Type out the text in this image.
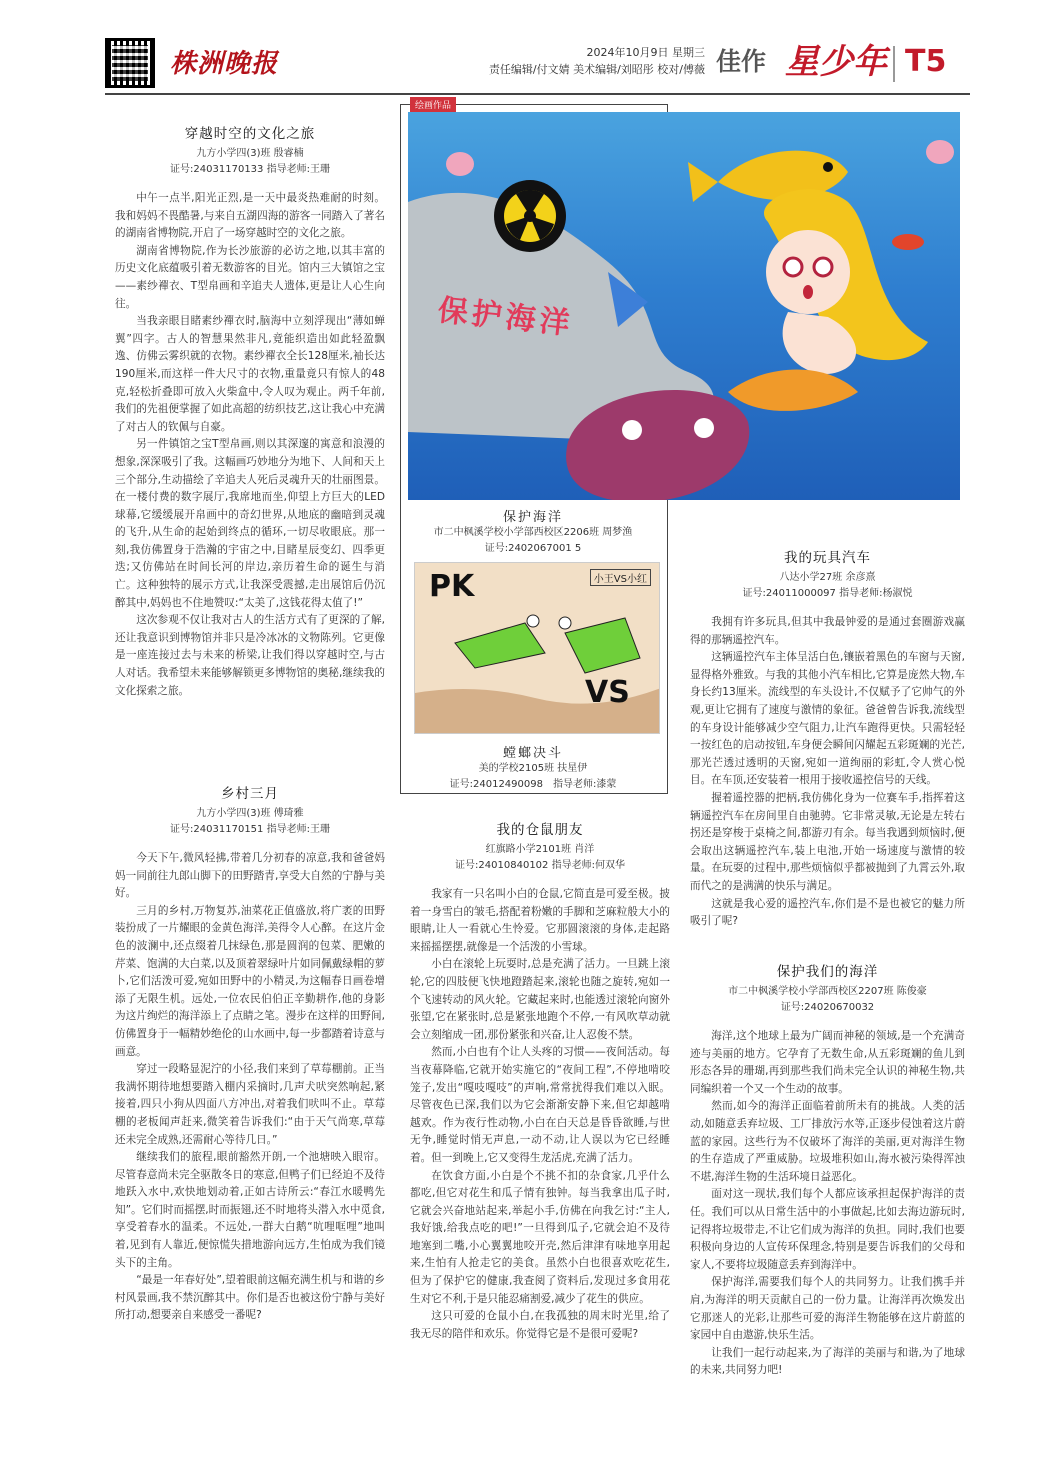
株洲晚报	2024年10月9日 星期三
责任编辑/付文婧 美术编辑/刘昭彤 校对/傅薇 佳作 星少年 T5
穿越时空的文化之旅
九方小学四(3)班 殷睿楠
证号:24031170133 指导老师:王珊

中午一点半,阳光正烈,是一天中最炎热难耐的时刻。我和妈妈不畏酷暑,与来自五湖四海的游客一同踏入了著名的湖南省博物院,开启了一场穿越时空的文化之旅。

湖南省博物院,作为长沙旅游的必访之地,以其丰富的历史文化底蕴吸引着无数游客的目光。馆内三大镇馆之宝——素纱襌衣、T型帛画和辛追夫人遗体,更是让人心生向往。

当我亲眼目睹素纱襌衣时,脑海中立刻浮现出“薄如蝉翼”四字。古人的智慧果然非凡,竟能织造出如此轻盈飘逸、仿佛云雾织就的衣物。素纱襌衣全长128厘米,袖长达190厘米,而这样一件大尺寸的衣物,重量竟只有惊人的48克,轻松折叠即可放入火柴盒中,令人叹为观止。两千年前,我们的先祖便掌握了如此高超的纺织技艺,这让我心中充满了对古人的钦佩与自豪。

另一件镇馆之宝T型帛画,则以其深邃的寓意和浪漫的想象,深深吸引了我。这幅画巧妙地分为地下、人间和天上三个部分,生动描绘了辛追夫人死后灵魂升天的壮丽图景。在一楼付费的数字展厅,我席地而坐,仰望上方巨大的LED球幕,它缓缓展开帛画中的奇幻世界,从地底的幽暗到灵魂的飞升,从生命的起始到终点的循环,一切尽收眼底。那一刻,我仿佛置身于浩瀚的宇宙之中,目睹星辰变幻、四季更迭;又仿佛站在时间长河的岸边,亲历着生命的诞生与消亡。这种独特的展示方式,让我深受震撼,走出展馆后仍沉醉其中,妈妈也不住地赞叹:“太美了,这钱花得太值了!”

这次参观不仅让我对古人的生活方式有了更深的了解,还让我意识到博物馆并非只是冷冰冰的文物陈列。它更像是一座连接过去与未来的桥梁,让我们得以穿越时空,与古人对话。我希望未来能够解锁更多博物馆的奥秘,继续我的文化探索之旅。

乡村三月
九方小学四(3)班 傅琦雅
证号:24031170151 指导老师:王珊

今天下午,微风轻拂,带着几分初春的凉意,我和爸爸妈妈一同前往九郎山脚下的田野踏青,享受大自然的宁静与美好。

三月的乡村,万物复苏,油菜花正值盛放,将广袤的田野装扮成了一片耀眼的金黄色海洋,美得令人心醉。在这片金色的波澜中,还点缀着几抹绿色,那是圆润的包菜、肥嫩的芹菜、饱满的大白菜,以及顶着翠绿叶片如同佩戴绿帽的萝卜,它们活泼可爱,宛如田野中的小精灵,为这幅春日画卷增添了无限生机。远处,一位农民伯伯正辛勤耕作,他的身影为这片绚烂的海洋添上了点睛之笔。漫步在这样的田野间,仿佛置身于一幅精妙绝伦的山水画中,每一步都踏着诗意与画意。

穿过一段略显泥泞的小径,我们来到了草莓棚前。正当我满怀期待地想要踏入棚内采摘时,几声犬吠突然响起,紧接着,四只小狗从四面八方冲出,对着我们吠叫不止。草莓棚的老板闻声赶来,微笑着告诉我们:“由于天气尚寒,草莓还未完全成熟,还需耐心等待几日。”

继续我们的旅程,眼前豁然开朗,一个池塘映入眼帘。尽管春意尚未完全驱散冬日的寒意,但鸭子们已经迫不及待地跃入水中,欢快地划动着,正如古诗所云:“春江水暖鸭先知”。它们时而摇摆,时而振翅,还不时地将头潜入水中觅食,享受着春水的温柔。不远处,一群大白鹅“吭哩哐哩”地叫着,见到有人靠近,便惊慌失措地游向远方,生怕成为我们镜头下的主角。

“最是一年春好处”,望着眼前这幅充满生机与和谐的乡村风景画,我不禁沉醉其中。你们是否也被这份宁静与美好所打动,想要亲自来感受一番呢?

绘画作品
保护海洋
保护海洋
市二中枫溪学校小学部西校区2206班 周梦渔
证号:2402067001 5
PK	小王VS小红
VS
螳螂决斗
美的学校2105班 扶星伊
证号:24012490098　指导老师:漆蒙
我的仓鼠朋友
红旗路小学2101班 肖洋
证号:24010840102 指导老师:何双华

我家有一只名叫小白的仓鼠,它简直是可爱至极。披着一身雪白的皱毛,搭配着粉嫩的手脚和芝麻粒般大小的眼睛,让人一看就心生怜爱。它那圆滚滚的身体,走起路来摇摇摆摆,就像是一个活泼的小雪球。

小白在滚轮上玩耍时,总是充满了活力。一旦跳上滚轮,它的四肢便飞快地蹬踏起来,滚轮也随之旋转,宛如一个飞速转动的风火轮。它藏起来时,也能透过滚轮向窗外张望,它在紧张时,总是紧张地跑个不停,一有风吹草动就会立刻缩成一团,那份紧张和兴奋,让人忍俊不禁。

然而,小白也有个让人头疼的习惯——夜间活动。每当夜幕降临,它就开始实施它的“夜间工程”,不停地啃咬笼子,发出“嘎吱嘎吱”的声响,常常扰得我们难以入眠。尽管夜色已深,我们以为它会渐渐安静下来,但它却越啃越欢。作为夜行性动物,小白在白天总是昏昏欲睡,与世无争,睡觉时悄无声息,一动不动,让人误以为它已经睡着。但一到晚上,它又变得生龙活虎,充满了活力。

在饮食方面,小白是个不挑不扣的杂食家,几乎什么都吃,但它对花生和瓜子情有独钟。每当我拿出瓜子时,它就会兴奋地站起来,举起小手,仿佛在向我乞讨:“主人,我好饿,给我点吃的吧!”一旦得到瓜子,它就会迫不及待地塞到二嘴,小心翼翼地咬开壳,然后津津有味地享用起来,生怕有人抢走它的美食。虽然小白也很喜欢吃花生,但为了保护它的健康,我查阅了资料后,发现过多食用花生对它不利,于是只能忍痛割爱,减少了花生的供应。

这只可爱的仓鼠小白,在我孤独的周末时光里,给了我无尽的陪伴和欢乐。你觉得它是不是很可爱呢?

我的玩具汽车
八达小学27班 余彦熹
证号:24011000097 指导老师:杨淑悦

我拥有许多玩具,但其中我最钟爱的是通过套圈游戏赢得的那辆遥控汽车。

这辆遥控汽车主体呈活白色,镶嵌着黑色的车窗与天窗,显得格外雅致。与我的其他小汽车相比,它算是庞然大物,车身长约13厘米。流线型的车头设计,不仅赋予了它帅气的外观,更让它拥有了速度与激情的象征。爸爸曾告诉我,流线型的车身设计能够减少空气阻力,让汽车跑得更快。只需轻轻一按红色的启动按钮,车身便会瞬间闪耀起五彩斑斓的光芒,那光芒透过透明的天窗,宛如一道绚丽的彩虹,令人赏心悦目。在车顶,还安装着一根用于接收遥控信号的天线。

握着遥控器的把柄,我仿佛化身为一位赛车手,指挥着这辆遥控汽车在房间里自由驰骋。它非常灵敏,无论是左转右拐还是穿梭于桌椅之间,都游刃有余。每当我遇到烦恼时,便会取出这辆遥控汽车,装上电池,开始一场速度与激情的较量。在玩耍的过程中,那些烦恼似乎都被抛到了九霄云外,取而代之的是满满的快乐与满足。

这就是我心爱的遥控汽车,你们是不是也被它的魅力所吸引了呢?

保护我们的海洋
市二中枫溪学校小学部西校区2207班 陈俊豪
证号:24020670032

海洋,这个地球上最为广阔而神秘的领域,是一个充满奇迹与美丽的地方。它孕育了无数生命,从五彩斑斓的鱼儿到形态各异的珊瑚,再到那些我们尚未完全认识的神秘生物,共同编织着一个又一个生动的故事。

然而,如今的海洋正面临着前所未有的挑战。人类的活动,如随意丢弃垃圾、工厂排放污水等,正逐步侵蚀着这片蔚蓝的家园。这些行为不仅破坏了海洋的美丽,更对海洋生物的生存造成了严重威胁。垃圾堆积如山,海水被污染得浑浊不堪,海洋生物的生活环境日益恶化。

面对这一现状,我们每个人都应该承担起保护海洋的责任。我们可以从日常生活中的小事做起,比如去海边游玩时,记得将垃圾带走,不让它们成为海洋的负担。同时,我们也要积极向身边的人宣传环保理念,特别是要告诉我们的父母和家人,不要将垃圾随意丢弃到海洋中。

保护海洋,需要我们每个人的共同努力。让我们携手并肩,为海洋的明天贡献自己的一份力量。让海洋再次焕发出它那迷人的光彩,让那些可爱的海洋生物能够在这片蔚蓝的家园中自由遨游,快乐生活。

让我们一起行动起来,为了海洋的美丽与和谐,为了地球的未来,共同努力吧!
